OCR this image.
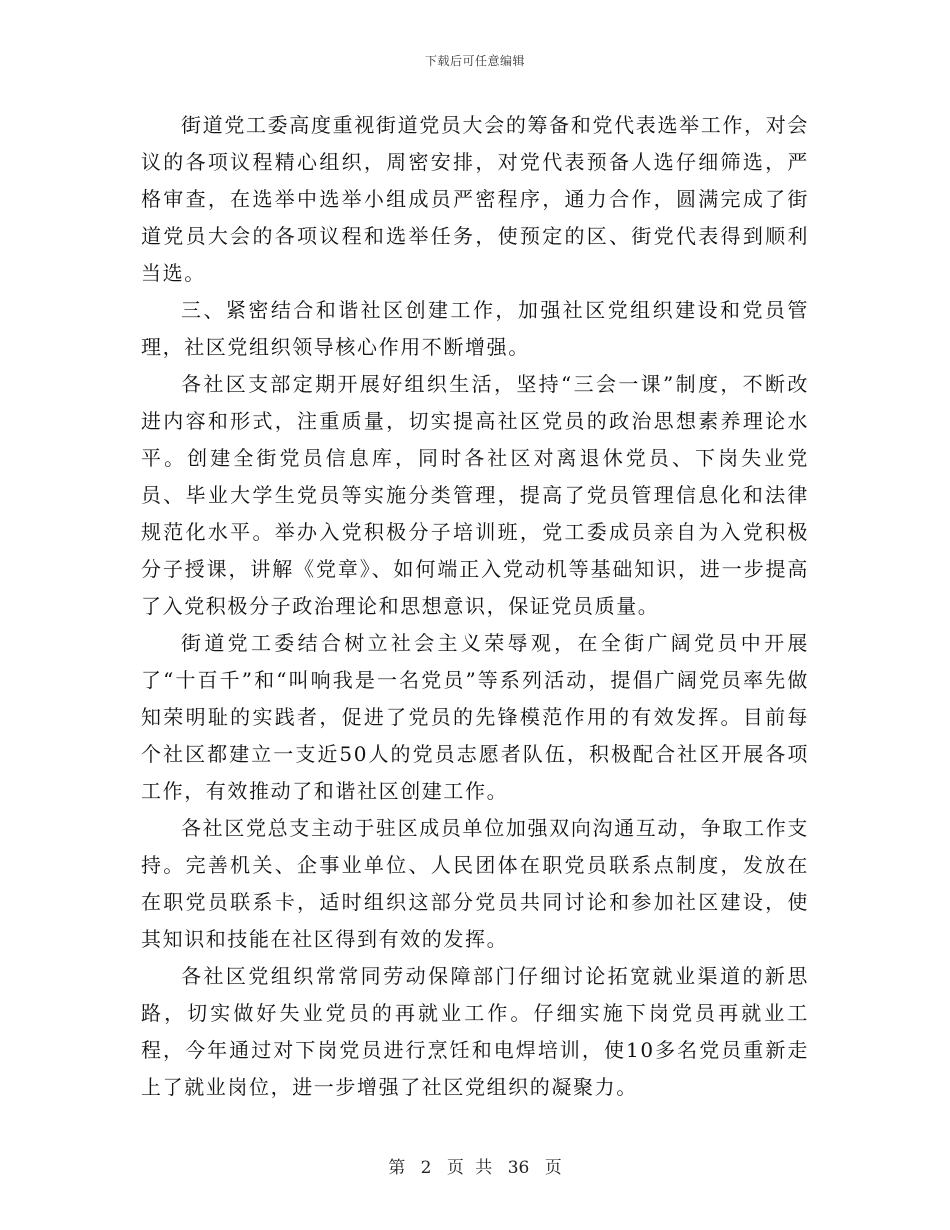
下载后可任意编辑

街道党工委高度重视街道党员大会的筹备和党代表选举工作，对会议的各项议程精心组织，周密安排，对党代表预备人选仔细筛选，严格审查，在选举中选举小组成员严密程序，通力合作，圆满完成了街道党员大会的各项议程和选举任务，使预定的区、街党代表得到顺利当选。

三、紧密结合和谐社区创建工作，加强社区党组织建设和党员管理，社区党组织领导核心作用不断增强。

各社区支部定期开展好组织生活，坚持“三会一课”制度，不断改进内容和形式，注重质量，切实提高社区党员的政治思想素养理论水平。创建全街党员信息库，同时各社区对离退休党员、下岗失业党员、毕业大学生党员等实施分类管理，提高了党员管理信息化和法律规范化水平。举办入党积极分子培训班，党工委成员亲自为入党积极分子授课，讲解《党章》、如何端正入党动机等基础知识，进一步提高了入党积极分子政治理论和思想意识，保证党员质量。

街道党工委结合树立社会主义荣辱观，在全街广阔党员中开展了“十百千”和“叫响我是一名党员”等系列活动，提倡广阔党员率先做知荣明耻的实践者，促进了党员的先锋模范作用的有效发挥。目前每个社区都建立一支近50人的党员志愿者队伍，积极配合社区开展各项工作，有效推动了和谐社区创建工作。

各社区党总支主动于驻区成员单位加强双向沟通互动，争取工作支持。完善机关、企事业单位、人民团体在职党员联系点制度，发放在在职党员联系卡，适时组织这部分党员共同讨论和参加社区建设，使其知识和技能在社区得到有效的发挥。

各社区党组织常常同劳动保障部门仔细讨论拓宽就业渠道的新思路，切实做好失业党员的再就业工作。仔细实施下岗党员再就业工程，今年通过对下岗党员进行烹饪和电焊培训，使10多名党员重新走上了就业岗位，进一步增强了社区党组织的凝聚力。

第 2 页 共 36 页
